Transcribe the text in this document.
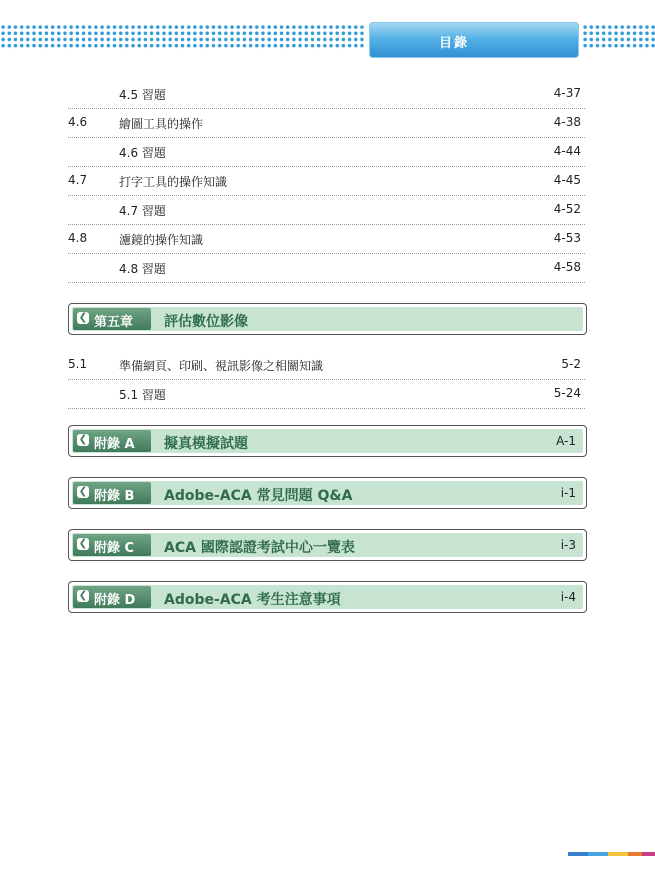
目錄
4.5 習題	4-37
4.6	繪圖工具的操作	4-38
4.6 習題	4-44
4.7	打字工具的操作知識	4-45
4.7 習題	4-52
4.8	濾鏡的操作知識	4-53
4.8 習題	4-58
❮ 第五章 評估數位影像
5.1	準備網頁、印刷、視訊影像之相關知識	5-2
5.1 習題	5-24
❮ 附錄 A 擬真模擬試題	A-1
❮ 附錄 B Adobe-ACA 常見問題 Q&A	i-1
❮ 附錄 C ACA 國際認證考試中心一覽表	i-3
❮ 附錄 D Adobe-ACA 考生注意事項	i-4
